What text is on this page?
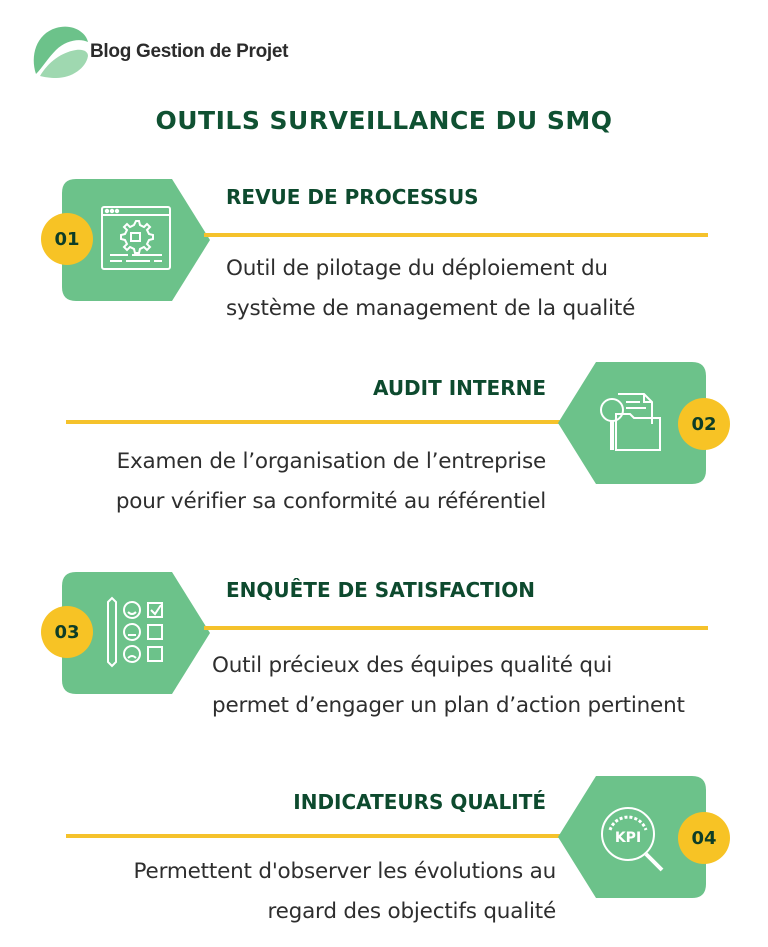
Blog Gestion de Projet
OUTILS SURVEILLANCE DU SMQ
01
REVUE DE PROCESSUS
Outil de pilotage du déploiement du
système de management de la qualité
02
AUDIT INTERNE
Examen de l’organisation de l’entreprise
pour vérifier sa conformité au référentiel
03
ENQUÊTE DE SATISFACTION
Outil précieux des équipes qualité qui
permet d’engager un plan d’action pertinent
KPI	04
INDICATEURS QUALITÉ
Permettent d'observer les évolutions au
regard des objectifs qualité
